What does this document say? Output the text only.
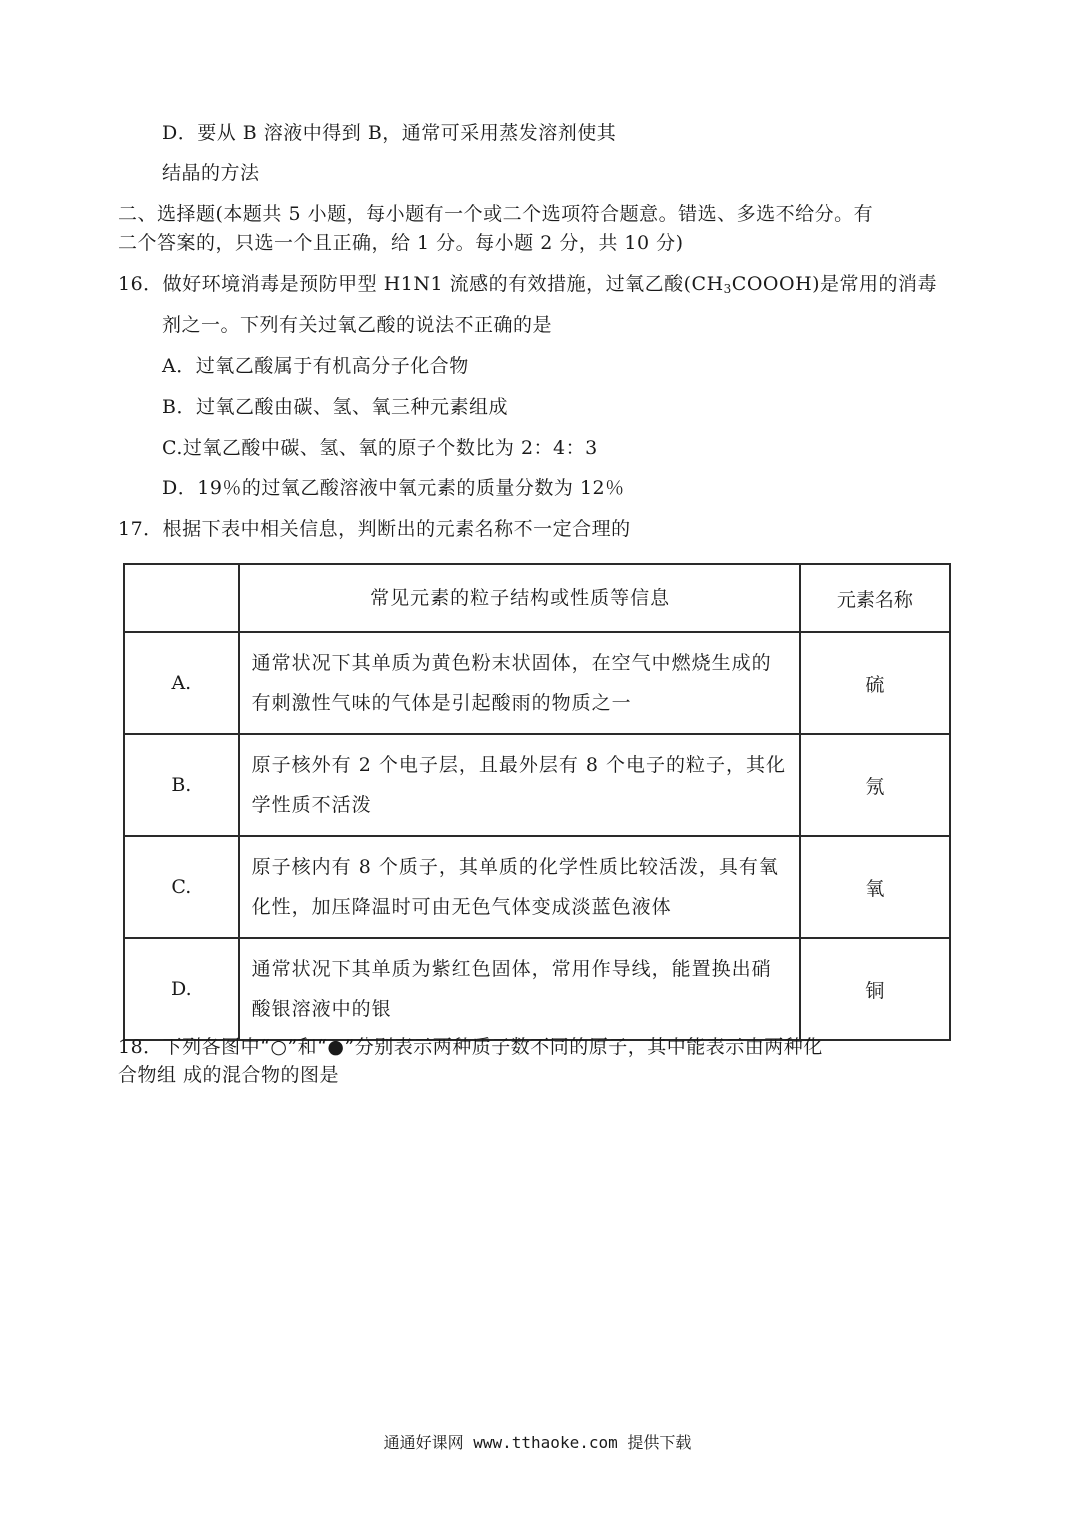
D．要从 B 溶液中得到 B，通常可采用蒸发溶剂使其
结晶的方法
二、选择题(本题共 5 小题，每小题有一个或二个选项符合题意。错选、多选不给分。有
二个答案的，只选一个且正确，给 1 分。每小题 2 分，共 10 分)
16．做好环境消毒是预防甲型 H1N1 流感的有效措施，过氧乙酸$(CH_3COOOH)$是常用的消毒
剂之一。下列有关过氧乙酸的说法不正确的是
A．过氧乙酸属于有机高分子化合物
B．过氧乙酸由碳、氢、氧三种元素组成
C.过氧乙酸中碳、氢、氧的原子个数比为 2：4：3
D．19％的过氧乙酸溶液中氧元素的质量分数为 12％
17．根据下表中相关信息，判断出的元素名称不一定合理的
	常见元素的粒子结构或性质等信息	元素名称
A.	通常状况下其单质为黄色粉末状固体，在空气中燃烧生成的有刺激性气味的气体是引起酸雨的物质之一	硫
B.	原子核外有 2 个电子层，且最外层有 8 个电子的粒子，其化学性质不活泼	氖
C.	原子核内有 8 个质子，其单质的化学性质比较活泼，具有氧化性，加压降温时可由无色气体变成淡蓝色液体	氧
D.	通常状况下其单质为紫红色固体，常用作导线，能置换出硝酸银溶液中的银	铜
18．下列各图中“○”和“●”分别表示两种质子数不同的原子，其中能表示由两种化
合物组 成的混合物的图是
通通好课网 www.tthaoke.com 提供下载
